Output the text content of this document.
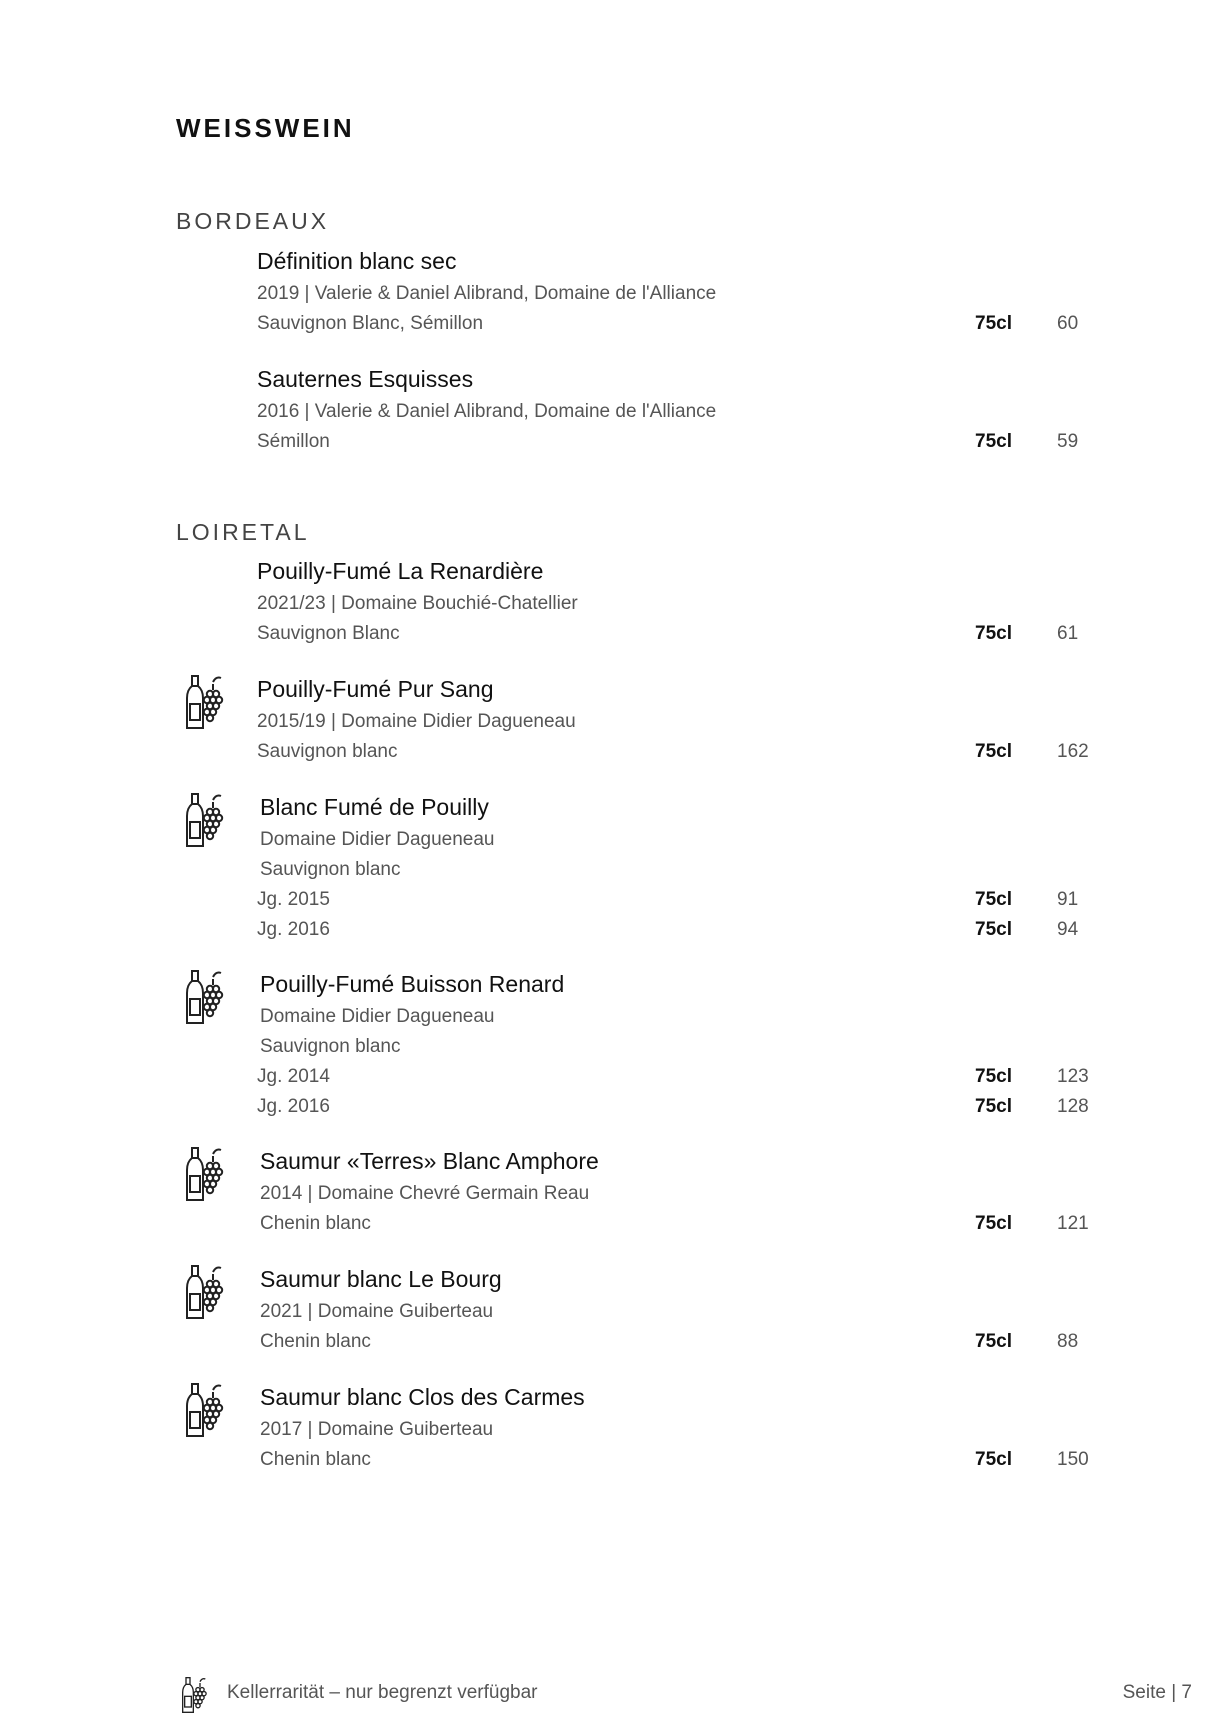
WEISSWEIN
BORDEAUX
Définition blanc sec
2019 | Valerie & Daniel Alibrand, Domaine de l'Alliance
Sauvignon Blanc, Sémillon	75cl 60
Sauternes Esquisses
2016 | Valerie & Daniel Alibrand, Domaine de l'Alliance
Sémillon	75cl 59
LOIRETAL
Pouilly-Fumé La Renardière
2021/23 | Domaine Bouchié-Chatellier
Sauvignon Blanc	75cl 61
Pouilly-Fumé Pur Sang
2015/19 | Domaine Didier Dagueneau
Sauvignon blanc	75cl 162
Blanc Fumé de Pouilly
Domaine Didier Dagueneau
Sauvignon blanc
Jg. 2015	75cl 91
Jg. 2016	75cl 94
Pouilly-Fumé Buisson Renard
Domaine Didier Dagueneau
Sauvignon blanc
Jg. 2014	75cl 123
Jg. 2016	75cl 128
Saumur «Terres» Blanc Amphore
2014 | Domaine Chevré Germain Reau
Chenin blanc	75cl 121
Saumur blanc Le Bourg
2021 | Domaine Guiberteau
Chenin blanc	75cl 88
Saumur blanc Clos des Carmes
2017 | Domaine Guiberteau
Chenin blanc	75cl 150
Kellerrarität – nur begrenzt verfügbar	Seite | 7
